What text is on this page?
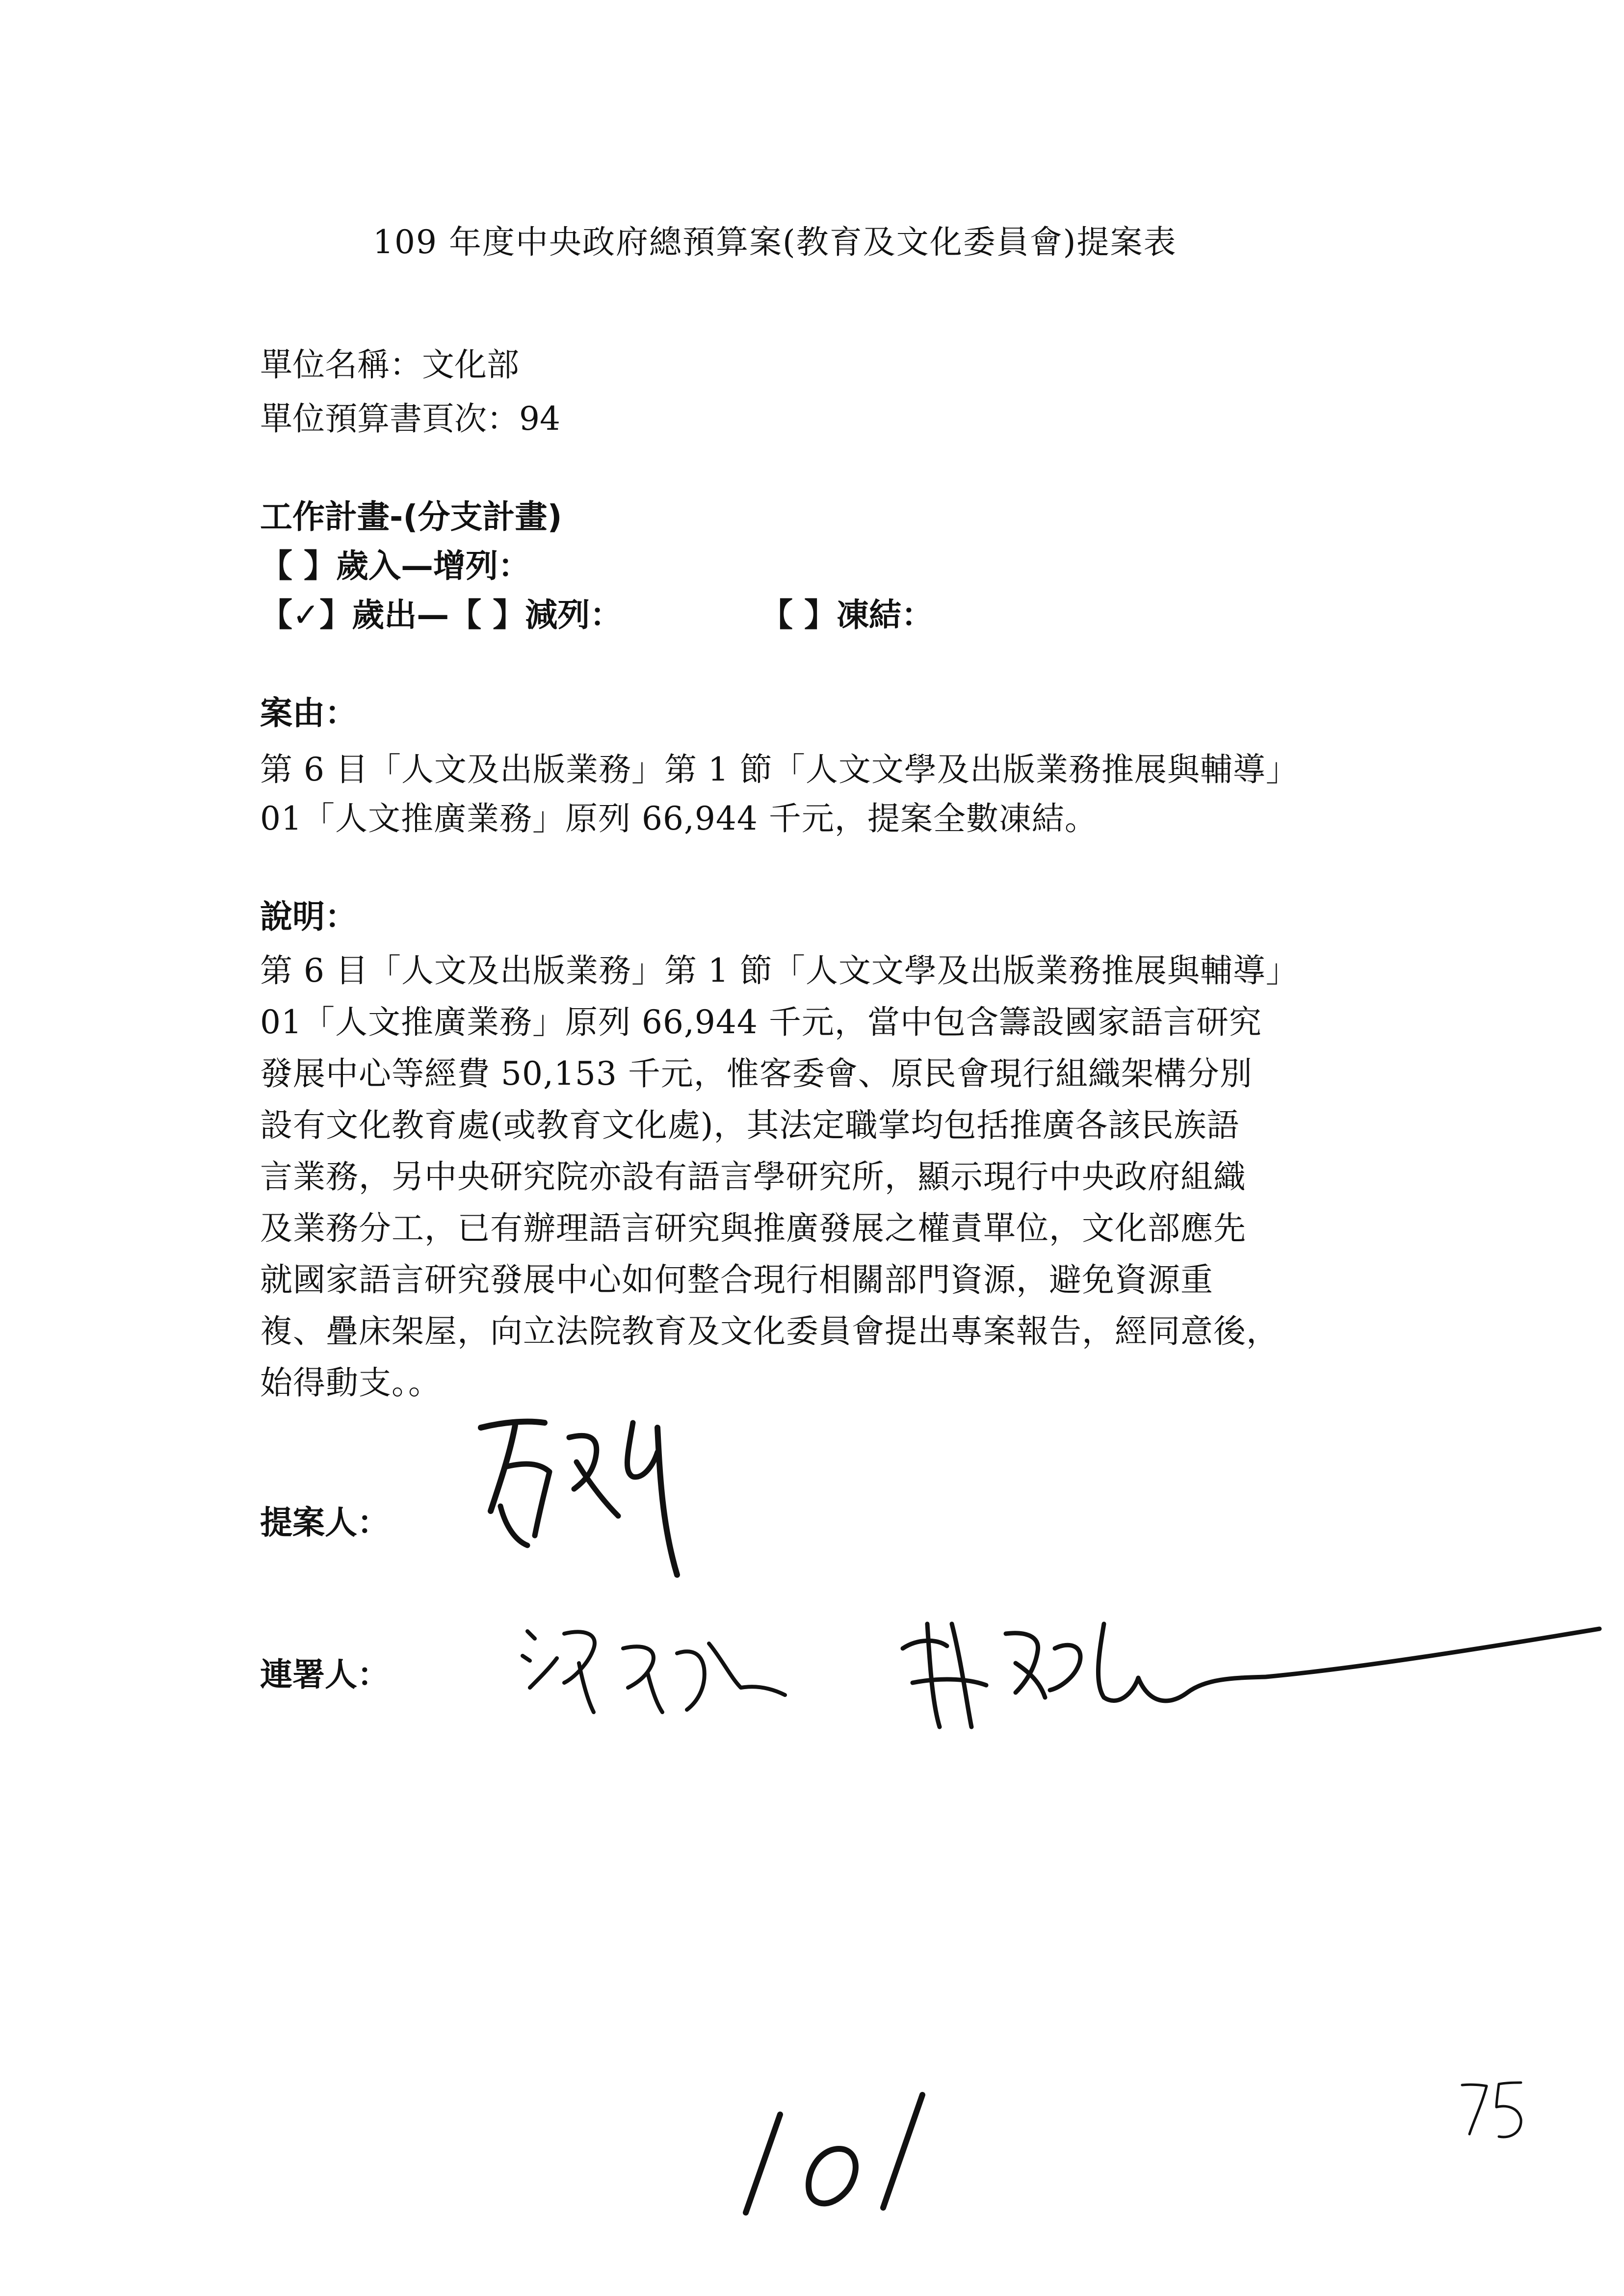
109 年度中央政府總預算案(教育及文化委員會)提案表
單位名稱：文化部
單位預算書頁次：94
工作計畫-(分支計畫)
【 】歲入—增列：
【✓】歲出—【 】減列：	【 】凍結：
案由：
第 6 目「人文及出版業務」第 1 節「人文文學及出版業務推展與輔導」
01「人文推廣業務」原列 66,944 千元，提案全數凍結。
說明：
第 6 目「人文及出版業務」第 1 節「人文文學及出版業務推展與輔導」
01「人文推廣業務」原列 66,944 千元，當中包含籌設國家語言研究
發展中心等經費 50,153 千元，惟客委會、原民會現行組織架構分別
設有文化教育處(或教育文化處)，其法定職掌均包括推廣各該民族語
言業務，另中央研究院亦設有語言學研究所，顯示現行中央政府組織
及業務分工，已有辦理語言研究與推廣發展之權責單位，文化部應先
就國家語言研究發展中心如何整合現行相關部門資源，避免資源重
複、疊床架屋，向立法院教育及文化委員會提出專案報告，經同意後，
始得動支。。
提案人：
連署人：
